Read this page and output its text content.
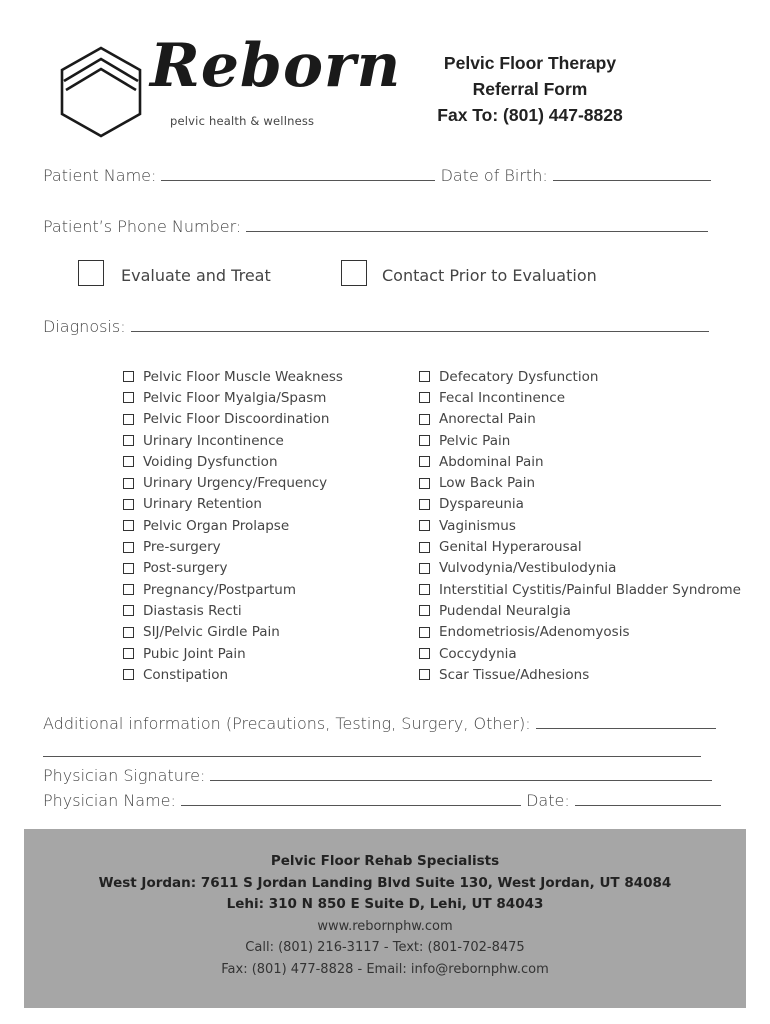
Reborn
pelvic health & wellness
Pelvic Floor Therapy
Referral Form
Fax To: (801) 447-8828
Patient Name:	Date of Birth:
Patient’s Phone Number:
Evaluate and Treat	Contact Prior to Evaluation
Diagnosis:
Pelvic Floor Muscle Weakness
Pelvic Floor Myalgia/Spasm
Pelvic Floor Discoordination
Urinary Incontinence
Voiding Dysfunction
Urinary Urgency/Frequency
Urinary Retention
Pelvic Organ Prolapse
Pre-surgery
Post-surgery
Pregnancy/Postpartum
Diastasis Recti
SIJ/Pelvic Girdle Pain
Pubic Joint Pain
Constipation
Defecatory Dysfunction
Fecal Incontinence
Anorectal Pain
Pelvic Pain
Abdominal Pain
Low Back Pain
Dyspareunia
Vaginismus
Genital Hyperarousal
Vulvodynia/Vestibulodynia
Interstitial Cystitis/Painful Bladder Syndrome
Pudendal Neuralgia
Endometriosis/Adenomyosis
Coccydynia
Scar Tissue/Adhesions
Additional information (Precautions, Testing, Surgery, Other):
Physician Signature:
Physician Name:	Date:
Pelvic Floor Rehab Specialists
West Jordan: 7611 S Jordan Landing Blvd Suite 130, West Jordan, UT 84084
Lehi: 310 N 850 E Suite D, Lehi, UT 84043
www.rebornphw.com
Call: (801) 216-3117 - Text: (801-702-8475
Fax: (801) 477-8828 - Email: info@rebornphw.com
